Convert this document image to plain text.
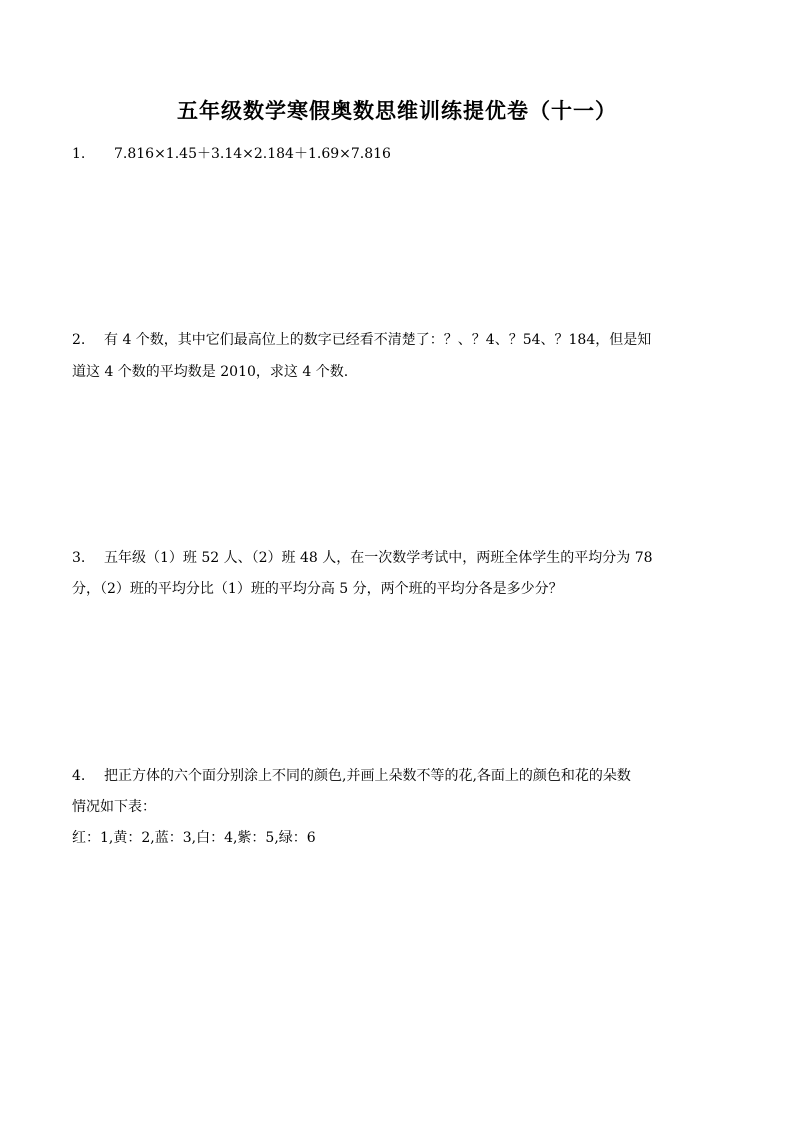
五年级数学寒假奥数思维训练提优卷（十一）
1. 7.816×1.45＋3.14×2.184＋1.69×7.816
2. 有 4 个数，其中它们最高位上的数字已经看不清楚了：？、？4、？54、？184，但是知
道这 4 个数的平均数是 2010，求这 4 个数.
3. 五年级（1）班 52 人、（2）班 48 人，在一次数学考试中，两班全体学生的平均分为 78
分，（2）班的平均分比（1）班的平均分高 5 分，两个班的平均分各是多少分？
4. 把正方体的六个面分别涂上不同的颜色,并画上朵数不等的花,各面上的颜色和花的朵数
情况如下表：
红：1,黄：2,蓝：3,白：4,紫：5,绿：6
